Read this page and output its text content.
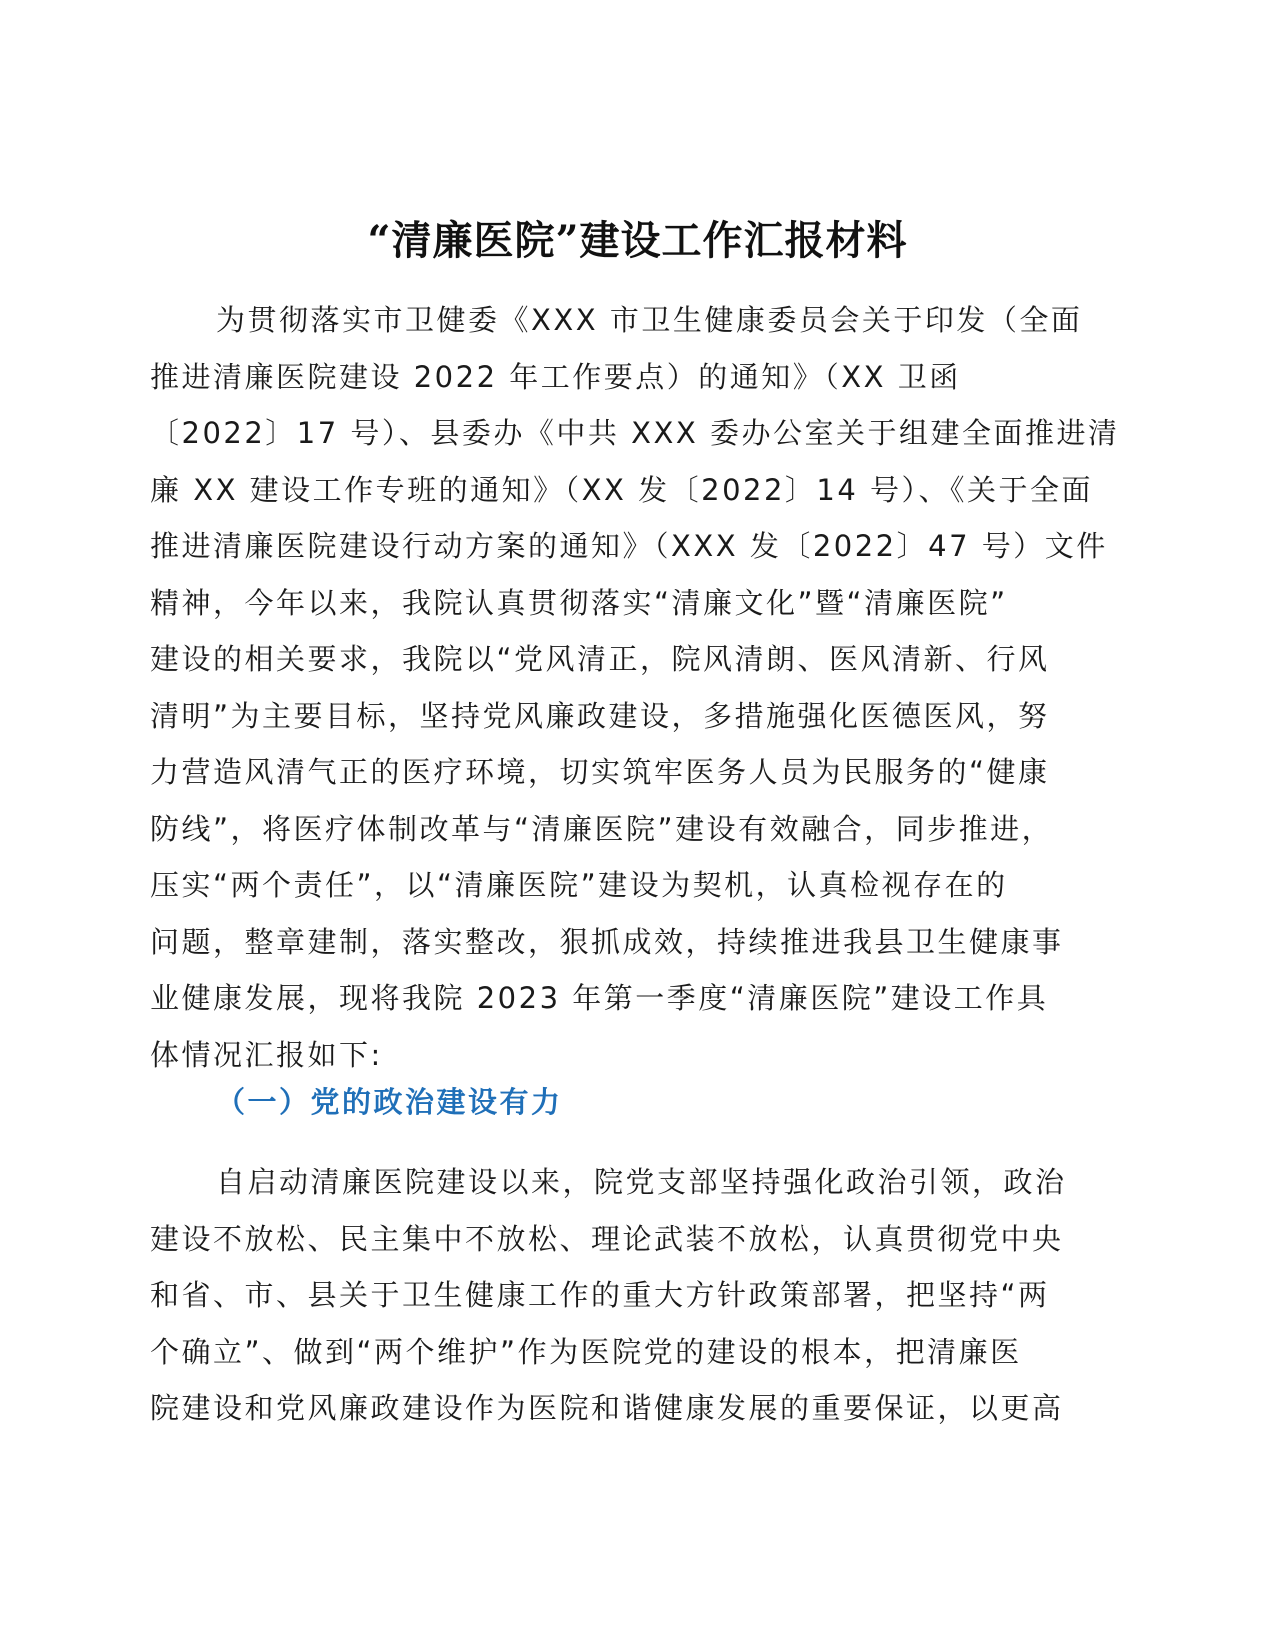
“清廉医院”建设工作汇报材料
为贯彻落实市卫健委《XXX 市卫生健康委员会关于印发（全面
推进清廉医院建设 2022 年工作要点）的通知》（XX 卫函
〔2022〕17 号）、县委办《中共 XXX 委办公室关于组建全面推进清
廉 XX 建设工作专班的通知》（XX 发〔2022〕14 号）、《关于全面
推进清廉医院建设行动方案的通知》（XXX 发〔2022〕47 号）文件
精神，今年以来，我院认真贯彻落实“清廉文化”暨“清廉医院”
建设的相关要求，我院以“党风清正，院风清朗、医风清新、行风
清明”为主要目标，坚持党风廉政建设，多措施强化医德医风，努
力营造风清气正的医疗环境，切实筑牢医务人员为民服务的“健康
防线”，将医疗体制改革与“清廉医院”建设有效融合，同步推进，
压实“两个责任”，以“清廉医院”建设为契机，认真检视存在的
问题，整章建制，落实整改，狠抓成效，持续推进我县卫生健康事
业健康发展，现将我院 2023 年第一季度“清廉医院”建设工作具
体情况汇报如下:
（一）党的政治建设有力
自启动清廉医院建设以来，院党支部坚持强化政治引领，政治
建设不放松、民主集中不放松、理论武装不放松，认真贯彻党中央
和省、市、县关于卫生健康工作的重大方针政策部署，把坚持“两
个确立”、做到“两个维护”作为医院党的建设的根本，把清廉医
院建设和党风廉政建设作为医院和谐健康发展的重要保证，以更高
